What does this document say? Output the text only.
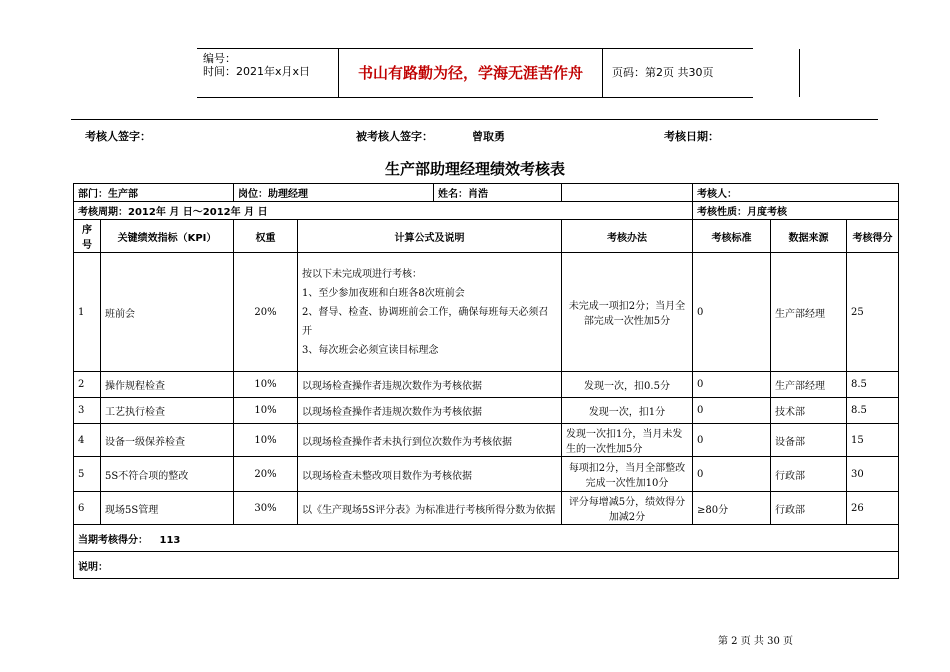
编号：
时间：2021年x月x日	书山有路勤为径，学海无涯苦作舟	页码：第2页 共30页
考核人签字：	被考核人签字：	曾取勇	考核日期：
生产部助理经理绩效考核表
部门：生产部		岗位：助理经理 姓名：肖浩			考核人：		
考核周期：2012年 月 日～2012年 月 日					考核性质：月度考核		
序号	关键绩效指标（KPI）	权重	计算公式及说明	考核办法	考核标准	数据来源	考核得分
1	班前会	20%	按以下未完成项进行考核：
1、至少参加夜班和白班各8次班前会
2、督导、检查、协调班前会工作，确保每班每天必须召开
3、每次班会必须宣读目标理念	未完成一项扣2分；当月全部完成一次性加5分	0	生产部经理	25
2	操作规程检查	10%	以现场检查操作者违规次数作为考核依据	发现一次，扣0.5分	0	生产部经理	8.5
3	工艺执行检查	10%	以现场检查操作者违规次数作为考核依据	发现一次，扣1分	0	技术部	8.5
4	设备一级保养检查	10%	以现场检查操作者未执行到位次数作为考核依据	发现一次扣1分，当月未发生的一次性加5分	0	设备部	15
5	5S不符合项的整改	20%	以现场检查未整改项目数作为考核依据	每项扣2分，当月全部整改完成一次性加10分	0	行政部	30
6	现场5S管理	30%	以《生产现场5S评分表》为标准进行考核所得分数为依据	评分每增减5分，绩效得分加减2分	≥80分	行政部	26
当期考核得分： 113							
说明：							
第 2 页 共 30 页
